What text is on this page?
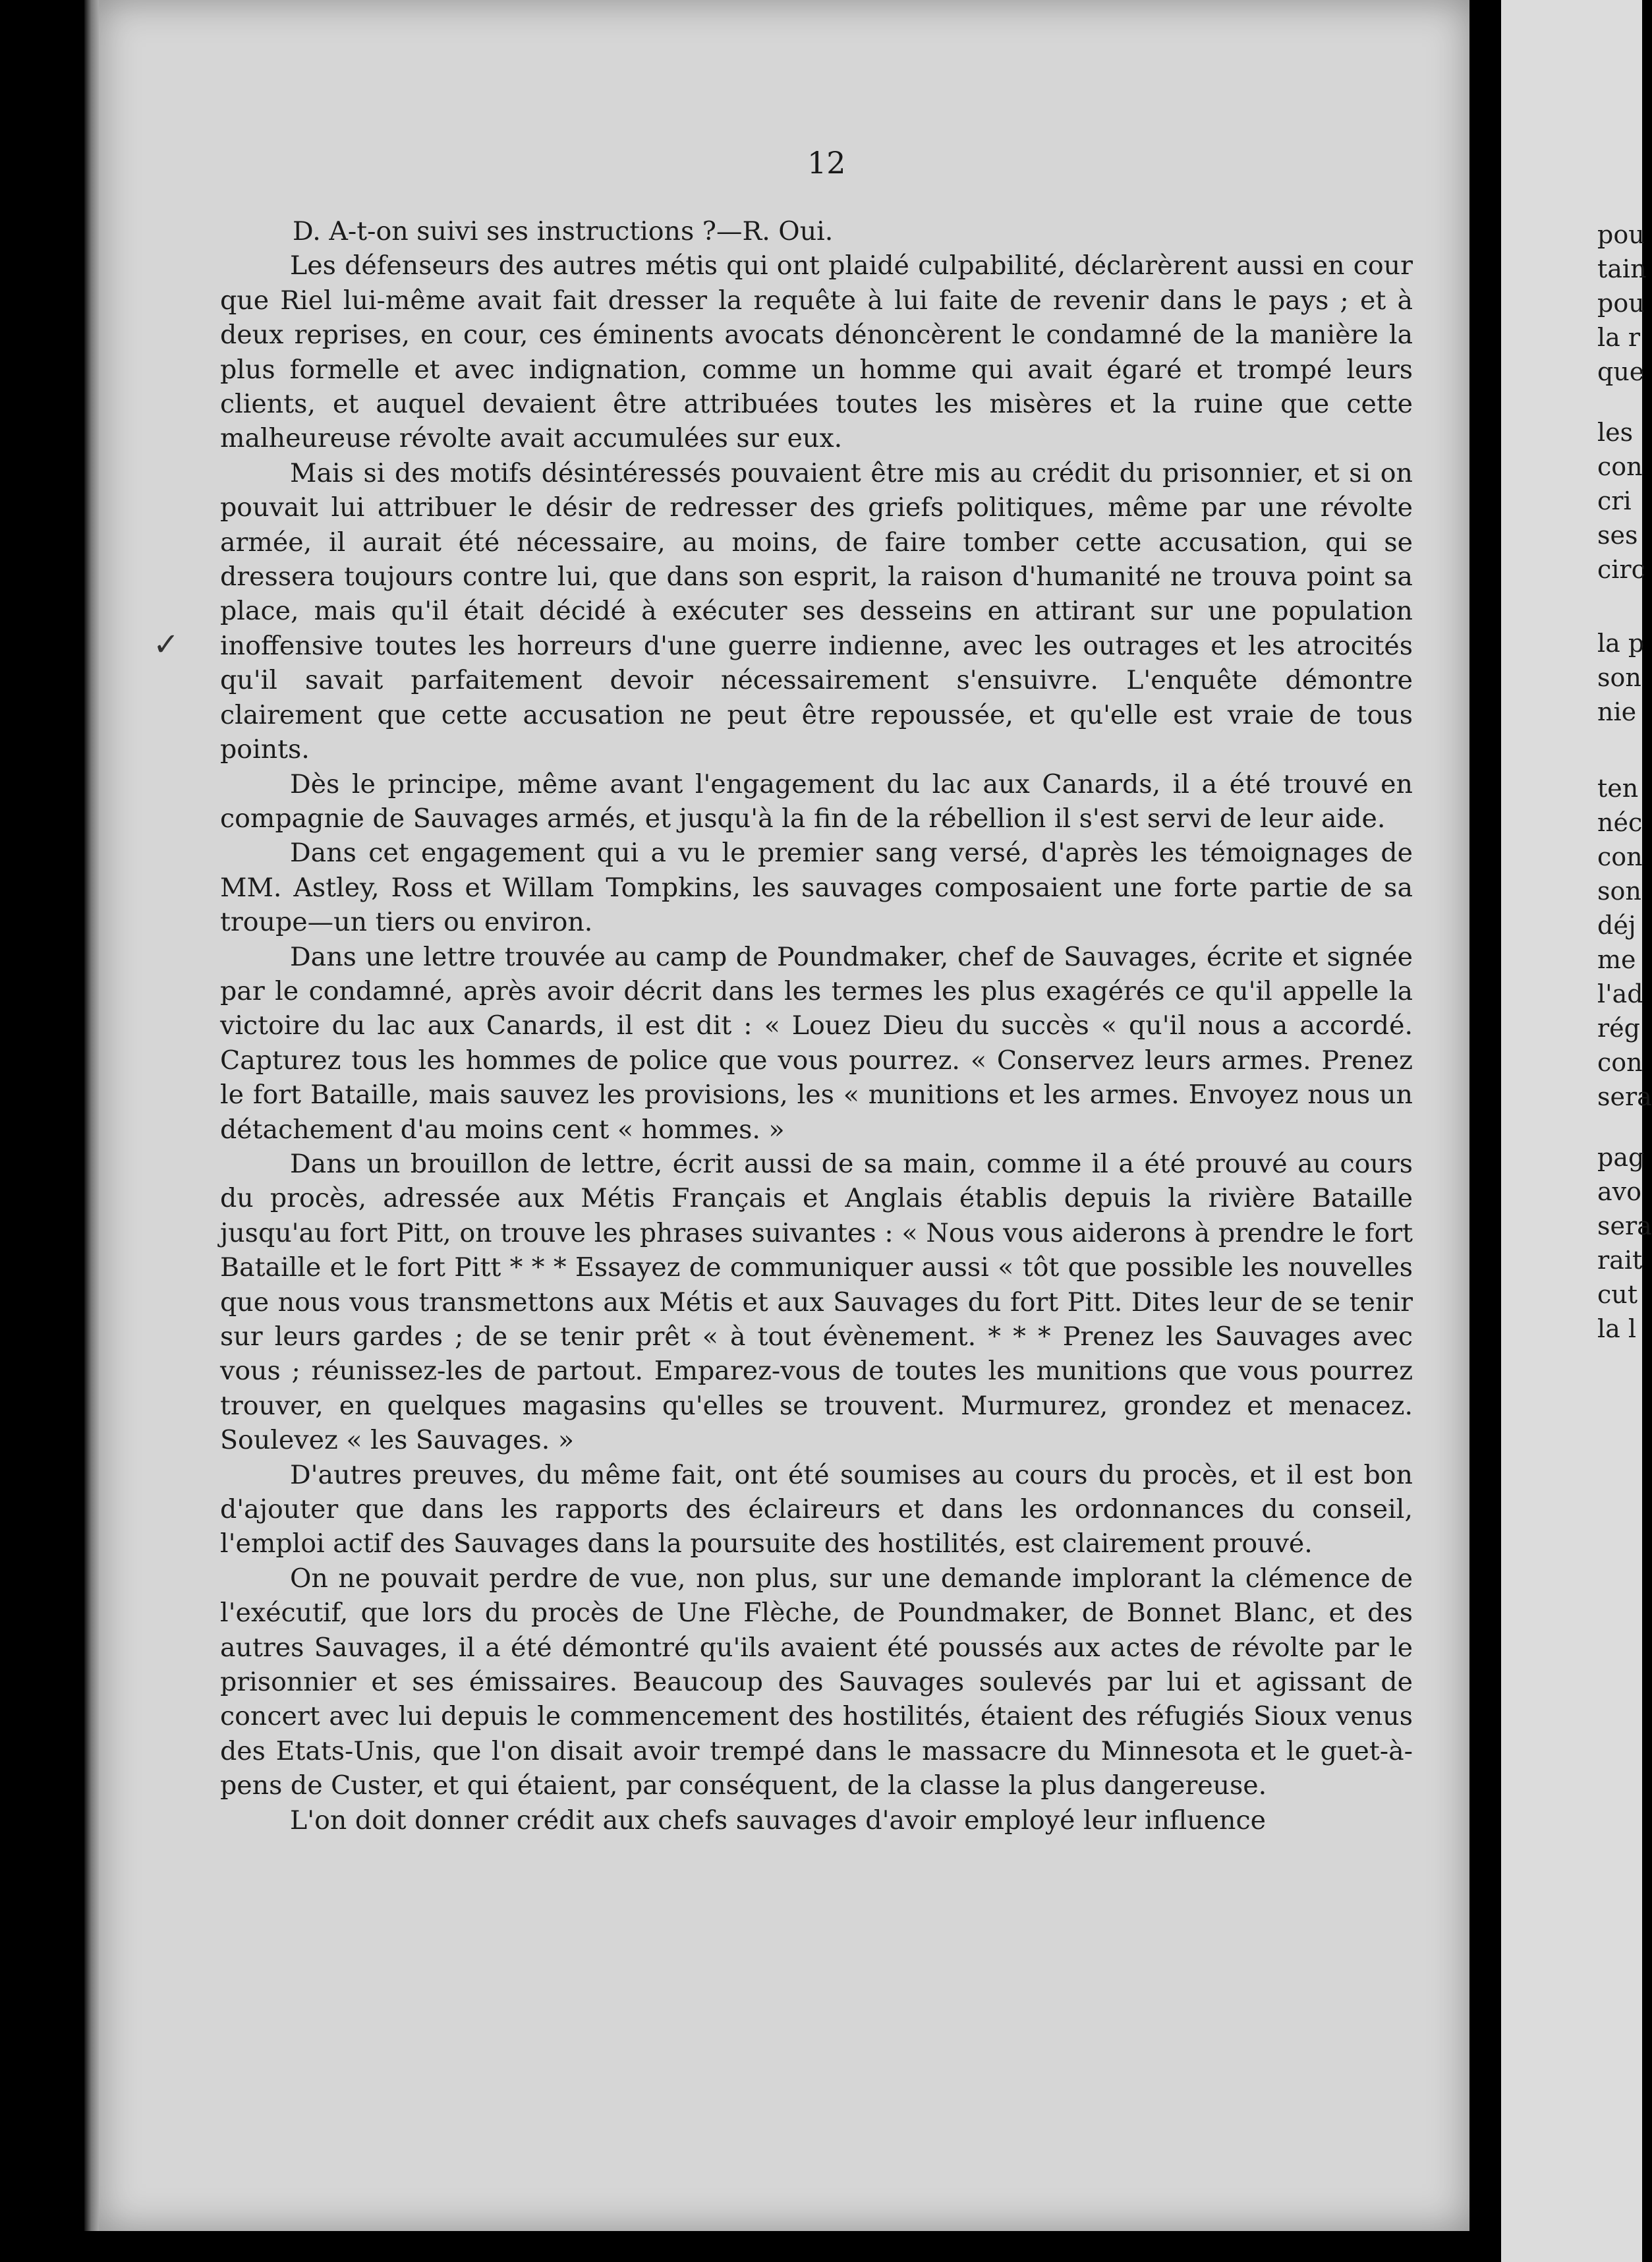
12

D. A-t-on suivi ses instructions ?—R. Oui.

Les défenseurs des autres métis qui ont plaidé culpabilité, déclarèrent aussi en cour que Riel lui-même avait fait dresser la requête à lui faite de revenir dans le pays ; et à deux reprises, en cour, ces éminents avocats dénoncèrent le condamné de la manière la plus formelle et avec indignation, comme un homme qui avait égaré et trompé leurs clients, et auquel devaient être attribuées toutes les misères et la ruine que cette malheureuse révolte avait accumulées sur eux.

Mais si des motifs désintéressés pouvaient être mis au crédit du prisonnier, et si on pouvait lui attribuer le désir de redresser des griefs politiques, même par une révolte armée, il aurait été nécessaire, au moins, de faire tomber cette accusation, qui se dressera toujours contre lui, que dans son esprit, la raison d'humanité ne trouva point sa place, mais qu'il était décidé à exécuter ses desseins en attirant sur une population inoffensive toutes les horreurs d'une guerre indienne, avec les outrages et les atrocités qu'il savait parfaitement devoir nécessairement s'ensuivre. L'enquête démontre clairement que cette accusation ne peut être repoussée, et qu'elle est vraie de tous points.

Dès le principe, même avant l'engagement du lac aux Canards, il a été trouvé en compagnie de Sauvages armés, et jusqu'à la fin de la rébellion il s'est servi de leur aide.

Dans cet engagement qui a vu le premier sang versé, d'après les témoignages de MM. Astley, Ross et Willam Tompkins, les sauvages composaient une forte partie de sa troupe—un tiers ou environ.

Dans une lettre trouvée au camp de Poundmaker, chef de Sauvages, écrite et signée par le condamné, après avoir décrit dans les termes les plus exagérés ce qu'il appelle la victoire du lac aux Canards, il est dit : « Louez Dieu du succès « qu'il nous a accordé. Capturez tous les hommes de police que vous pourrez. « Conservez leurs armes. Prenez le fort Bataille, mais sauvez les provisions, les « munitions et les armes. Envoyez nous un détachement d'au moins cent « hommes. »

Dans un brouillon de lettre, écrit aussi de sa main, comme il a été prouvé au cours du procès, adressée aux Métis Français et Anglais établis depuis la rivière Bataille jusqu'au fort Pitt, on trouve les phrases suivantes : « Nous vous aiderons à prendre le fort Bataille et le fort Pitt * * * Essayez de communiquer aussi « tôt que possible les nouvelles que nous vous transmettons aux Métis et aux Sauvages du fort Pitt. Dites leur de se tenir sur leurs gardes ; de se tenir prêt « à tout évènement. * * * Prenez les Sauvages avec vous ; réunissez-les de partout. Emparez-vous de toutes les munitions que vous pourrez trouver, en quelques magasins qu'elles se trouvent. Murmurez, grondez et menacez. Soulevez « les Sauvages. »

D'autres preuves, du même fait, ont été soumises au cours du procès, et il est bon d'ajouter que dans les rapports des éclaireurs et dans les ordonnances du conseil, l'emploi actif des Sauvages dans la poursuite des hostilités, est clairement prouvé.

On ne pouvait perdre de vue, non plus, sur une demande implorant la clémence de l'exécutif, que lors du procès de Une Flèche, de Poundmaker, de Bonnet Blanc, et des autres Sauvages, il a été démontré qu'ils avaient été poussés aux actes de révolte par le prisonnier et ses émissaires. Beaucoup des Sauvages soulevés par lui et agissant de concert avec lui depuis le commencement des hostilités, étaient des réfugiés Sioux venus des Etats-Unis, que l'on disait avoir trempé dans le massacre du Minnesota et le guet-à-pens de Custer, et qui étaient, par conséquent, de la classe la plus dangereuse.

L'on doit donner crédit aux chefs sauvages d'avoir employé leur influence

✓
pou
tain
pou
la r
que
les
con
cri
ses
circ
la p
son
nie
ten
néc
con
son
déj
me
l'ad
rég
con
sera
pag
avo
sera
rait
cut
la l
